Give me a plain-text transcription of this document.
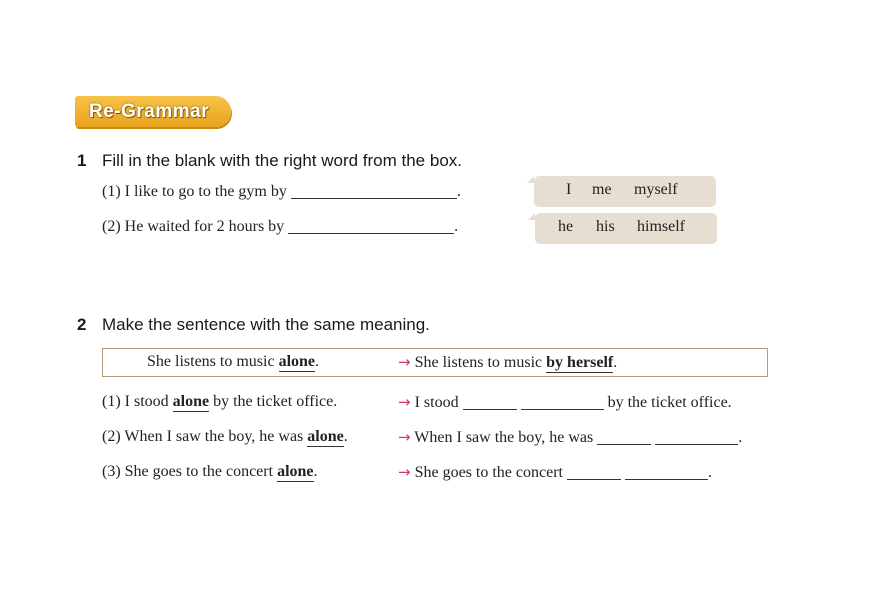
Re-Grammar
1 Fill in the blank with the right word from the box.
(1) I like to go to the gym by	.
(2) He waited for 2 hours by	.
I me myself
he his himself
2 Make the sentence with the same meaning.
She listens to music alone.	→ She listens to music by herself.
(1) I stood alone by the ticket office.	→ I stood	by the ticket office.
(2) When I saw the boy, he was alone.	→ When I saw the boy, he was	.
(3) She goes to the concert alone.	→ She goes to the concert	.
